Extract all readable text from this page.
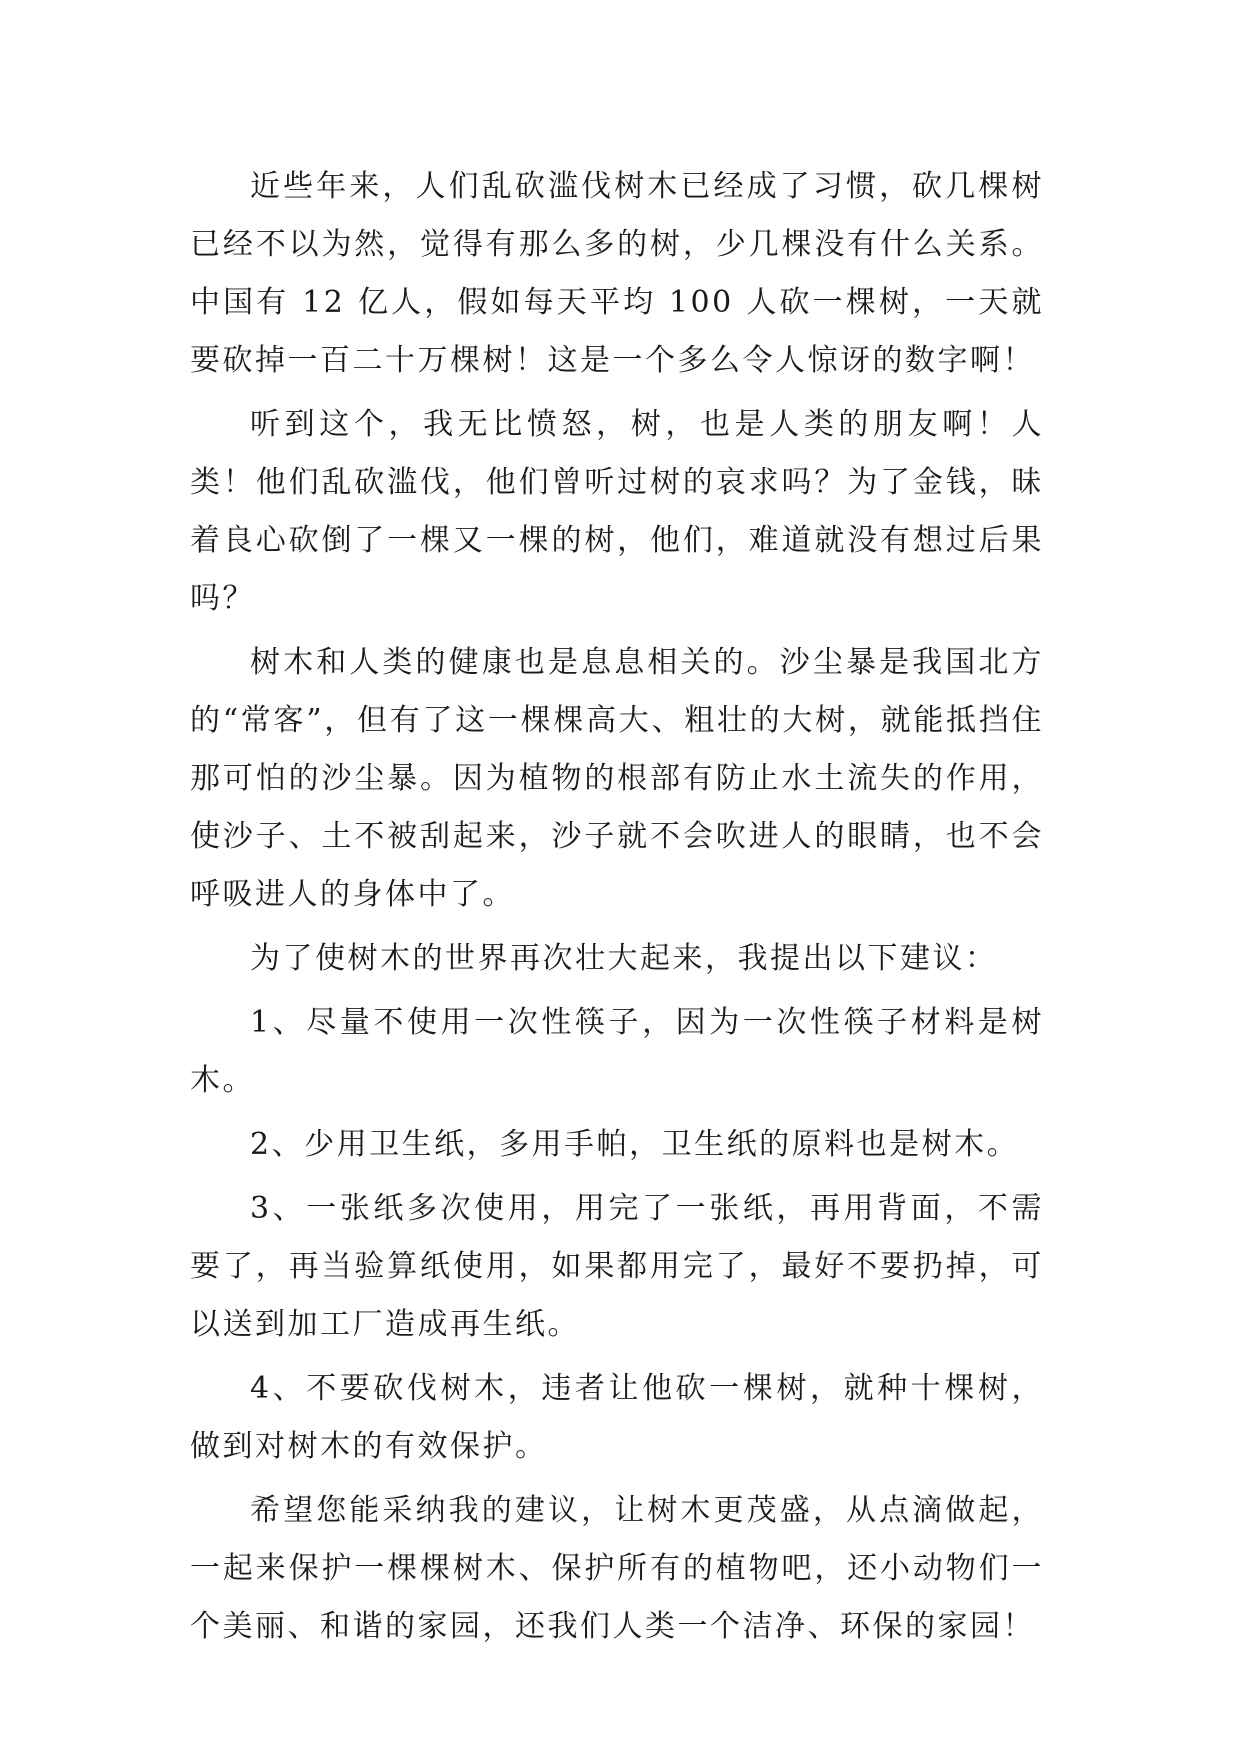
近些年来，人们乱砍滥伐树木已经成了习惯，砍几棵树已经不以为然，觉得有那么多的树，少几棵没有什么关系。中国有 12 亿人，假如每天平均 100 人砍一棵树，一天就要砍掉一百二十万棵树！这是一个多么令人惊讶的数字啊！

听到这个，我无比愤怒，树，也是人类的朋友啊！人类！他们乱砍滥伐，他们曾听过树的哀求吗？为了金钱，昧着良心砍倒了一棵又一棵的树，他们，难道就没有想过后果吗？

树木和人类的健康也是息息相关的。沙尘暴是我国北方的“常客”，但有了这一棵棵高大、粗壮的大树，就能抵挡住那可怕的沙尘暴。因为植物的根部有防止水土流失的作用，使沙子、土不被刮起来，沙子就不会吹进人的眼睛，也不会呼吸进人的身体中了。

为了使树木的世界再次壮大起来，我提出以下建议：

1、尽量不使用一次性筷子，因为一次性筷子材料是树木。

2、少用卫生纸，多用手帕，卫生纸的原料也是树木。

3、一张纸多次使用，用完了一张纸，再用背面，不需要了，再当验算纸使用，如果都用完了，最好不要扔掉，可以送到加工厂造成再生纸。

4、不要砍伐树木，违者让他砍一棵树，就种十棵树，做到对树木的有效保护。

希望您能采纳我的建议，让树木更茂盛，从点滴做起，一起来保护一棵棵树木、保护所有的植物吧，还小动物们一个美丽、和谐的家园，还我们人类一个洁净、环保的家园！
